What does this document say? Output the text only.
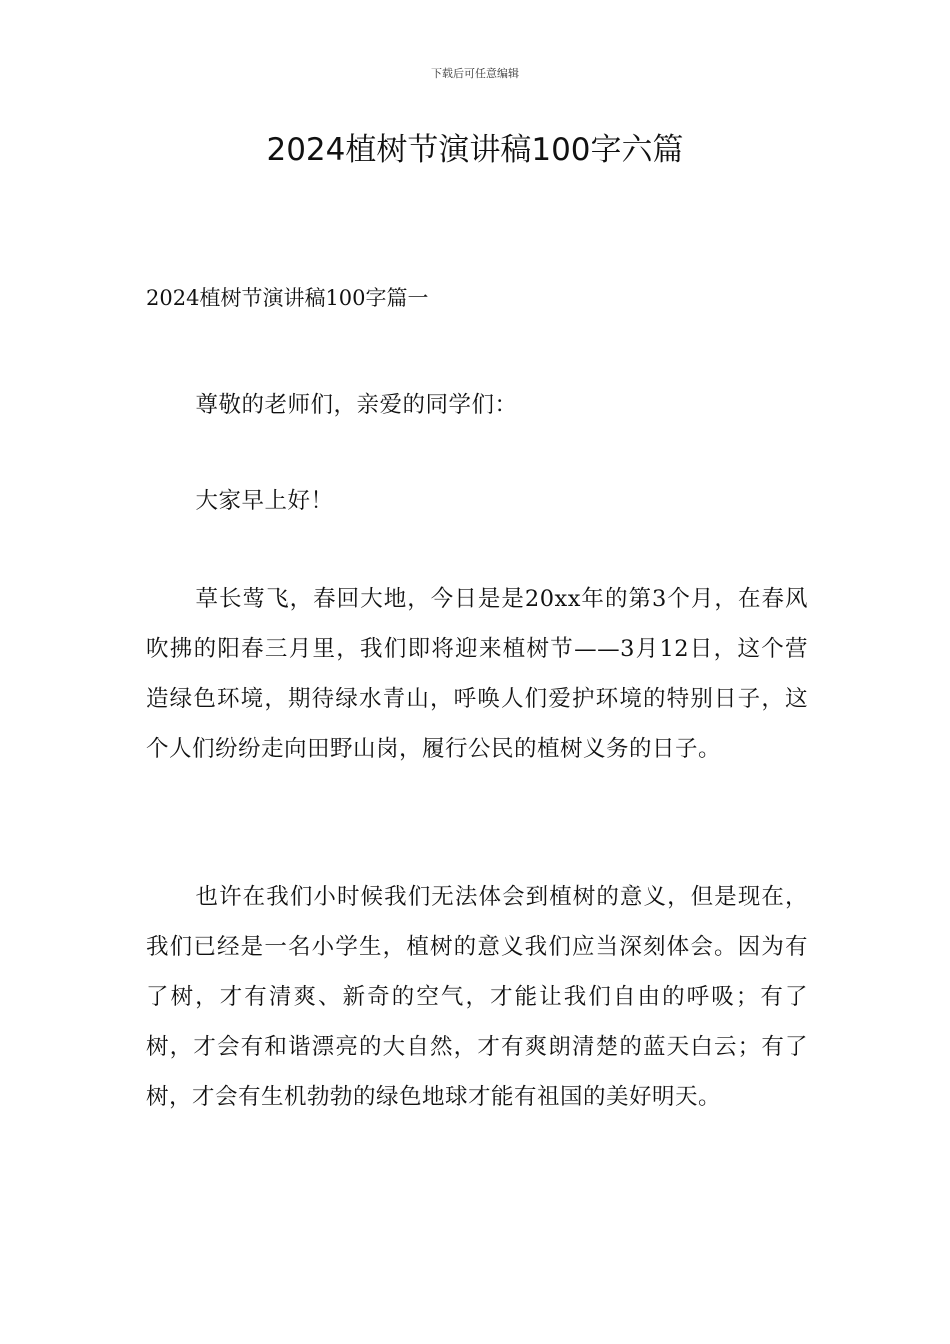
下载后可任意编辑
2024植树节演讲稿100字六篇
2024植树节演讲稿100字篇一

尊敬的老师们，亲爱的同学们：

大家早上好！

草长莺飞，春回大地，今日是是20xx年的第3个月，在春风吹拂的阳春三月里，我们即将迎来植树节——3月12日，这个营造绿色环境，期待绿水青山，呼唤人们爱护环境的特别日子，这个人们纷纷走向田野山岗，履行公民的植树义务的日子。

也许在我们小时候我们无法体会到植树的意义，但是现在，我们已经是一名小学生，植树的意义我们应当深刻体会。因为有了树，才有清爽、新奇的空气，才能让我们自由的呼吸；有了树，才会有和谐漂亮的大自然，才有爽朗清楚的蓝天白云；有了树，才会有生机勃勃的绿色地球才能有祖国的美好明天。
